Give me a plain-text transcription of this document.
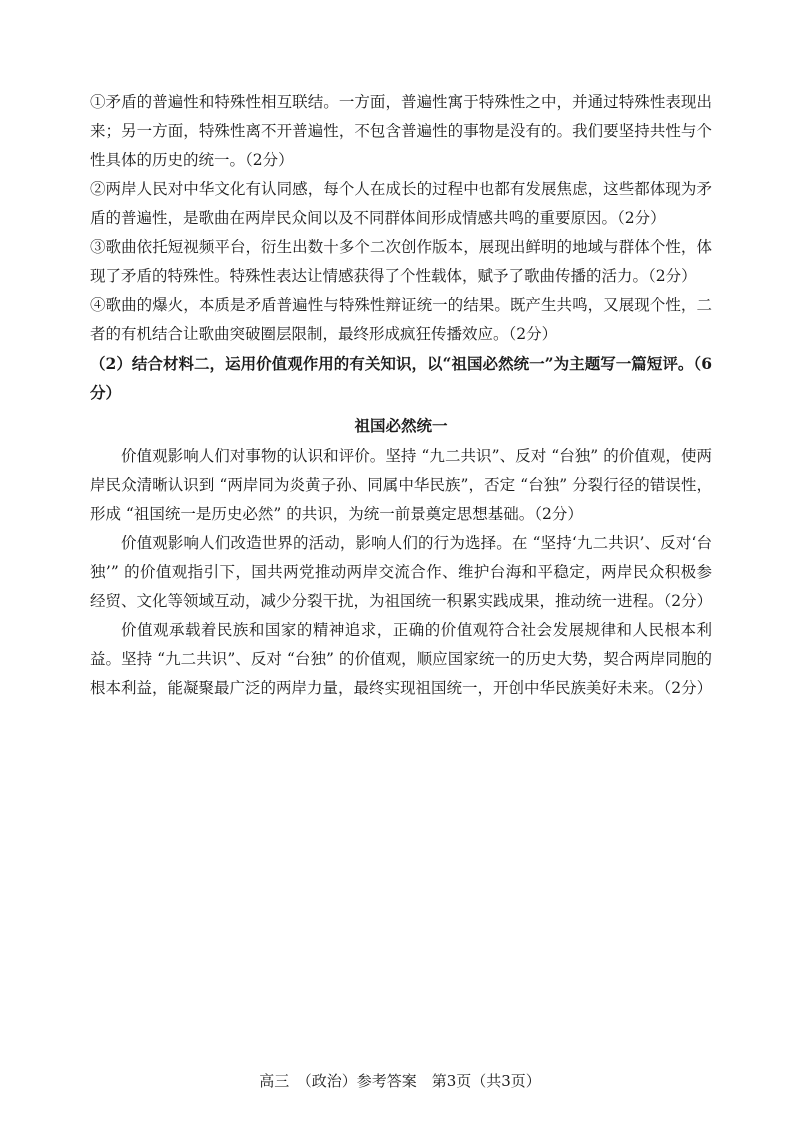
①矛盾的普遍性和特殊性相互联结。一方面，普遍性寓于特殊性之中，并通过特殊性表现出来；另一方面，特殊性离不开普遍性，不包含普遍性的事物是没有的。我们要坚持共性与个性具体的历史的统一。（2分）

②两岸人民对中华文化有认同感，每个人在成长的过程中也都有发展焦虑，这些都体现为矛盾的普遍性，是歌曲在两岸民众间以及不同群体间形成情感共鸣的重要原因。（2分）

③歌曲依托短视频平台，衍生出数十多个二次创作版本，展现出鲜明的地域与群体个性，体现了矛盾的特殊性。特殊性表达让情感获得了个性载体，赋予了歌曲传播的活力。（2分）

④歌曲的爆火，本质是矛盾普遍性与特殊性辩证统一的结果。既产生共鸣，又展现个性，二者的有机结合让歌曲突破圈层限制，最终形成疯狂传播效应。（2分）

（2）结合材料二，运用价值观作用的有关知识，以“祖国必然统一”为主题写一篇短评。（6分）

祖国必然统一

价值观影响人们对事物的认识和评价。坚持 “九二共识”、反对 “台独” 的价值观，使两岸民众清晰认识到 “两岸同为炎黄子孙、同属中华民族”，否定 “台独” 分裂行径的错误性，形成 “祖国统一是历史必然” 的共识，为统一前景奠定思想基础。（2分）

价值观影响人们改造世界的活动，影响人们的行为选择。在 “坚持‘九二共识’、反对‘台独’” 的价值观指引下，国共两党推动两岸交流合作、维护台海和平稳定，两岸民众积极参经贸、文化等领域互动，减少分裂干扰，为祖国统一积累实践成果，推动统一进程。（2分）

价值观承载着民族和国家的精神追求，正确的价值观符合社会发展规律和人民根本利益。坚持 “九二共识”、反对 “台独” 的价值观，顺应国家统一的历史大势，契合两岸同胞的根本利益，能凝聚最广泛的两岸力量，最终实现祖国统一，开创中华民族美好未来。（2分）

高三　（政治）参考答案　第3页（共3页）
